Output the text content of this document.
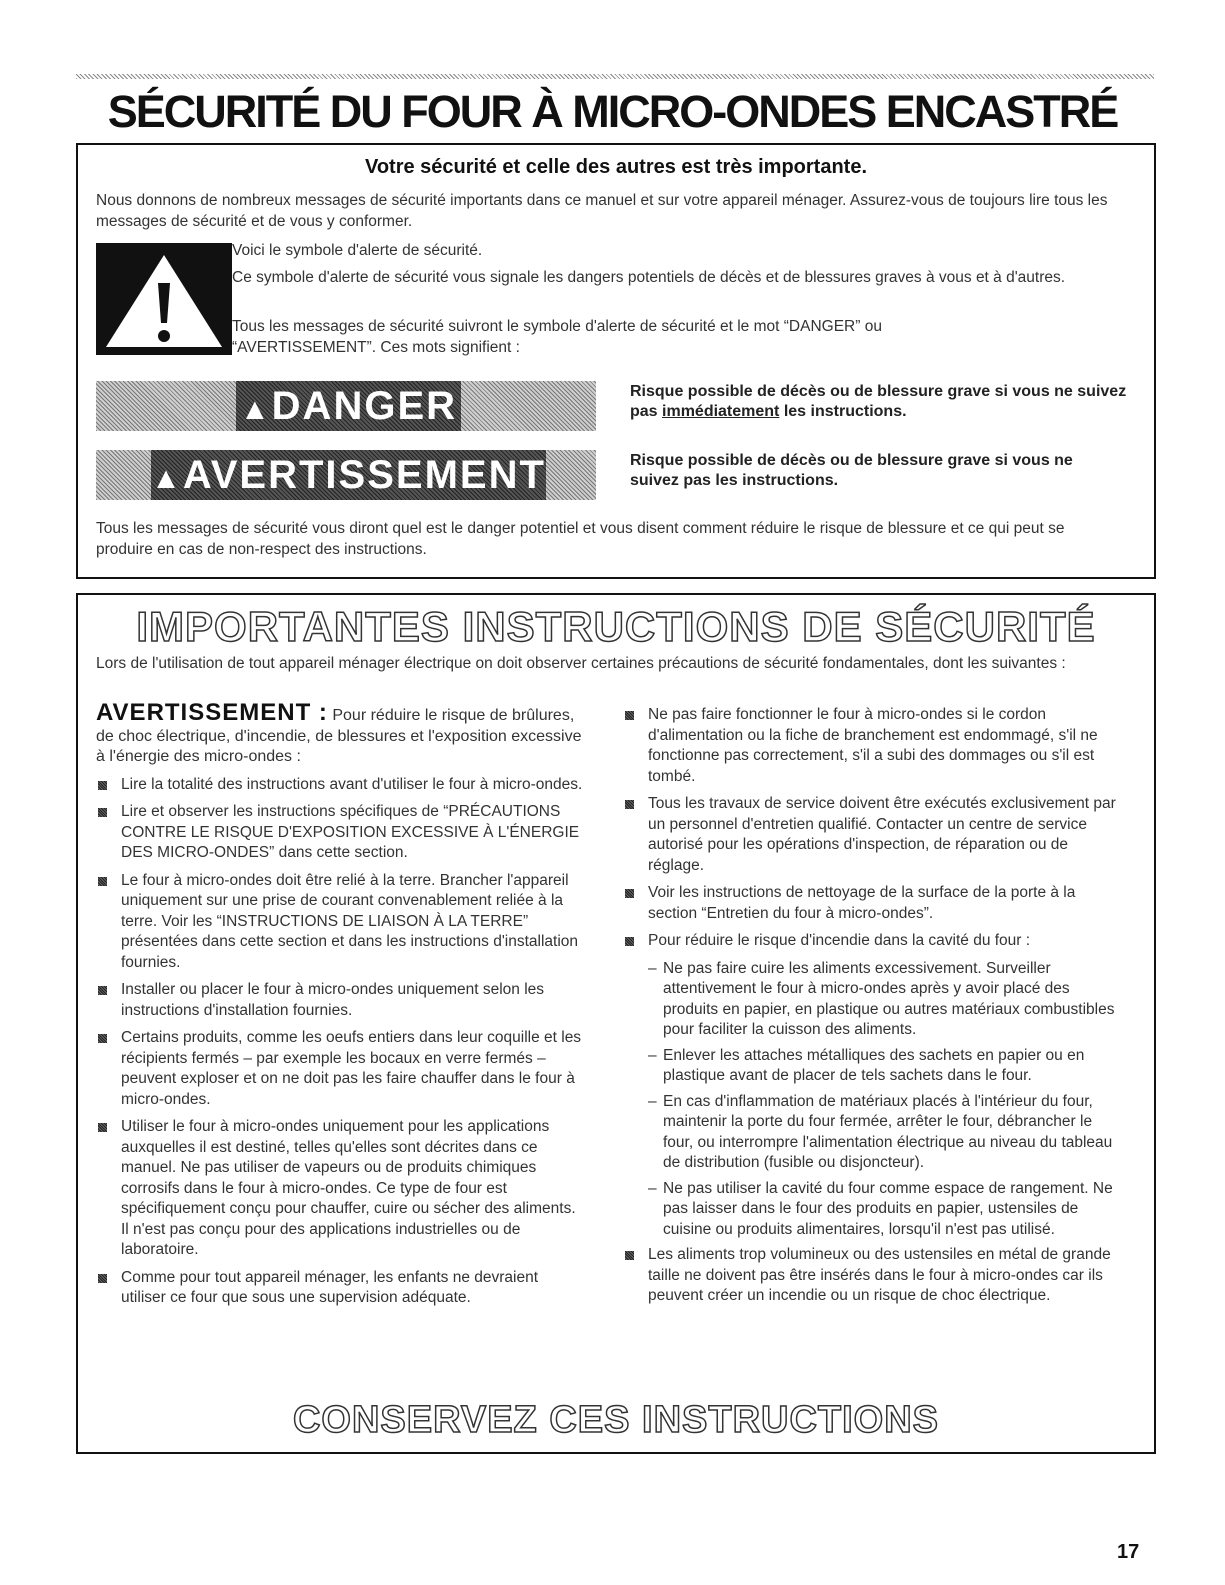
SÉCURITÉ DU FOUR À MICRO-ONDES ENCASTRÉ
Votre sécurité et celle des autres est très importante.
Nous donnons de nombreux messages de sécurité importants dans ce manuel et sur votre appareil ménager. Assurez-vous de toujours lire tous les messages de sécurité et de vous y conformer.
Voici le symbole d'alerte de sécurité.
Ce symbole d'alerte de sécurité vous signale les dangers potentiels de décès et de blessures graves à vous et à d'autres.
Tous les messages de sécurité suivront le symbole d'alerte de sécurité et le mot “DANGER” ou “AVERTISSEMENT”. Ces mots signifient :
▲DANGER	Risque possible de décès ou de blessure grave si vous ne suivez pas immédiatement les instructions.
▲AVERTISSEMENT	Risque possible de décès ou de blessure grave si vous ne suivez pas les instructions.
Tous les messages de sécurité vous diront quel est le danger potentiel et vous disent comment réduire le risque de blessure et ce qui peut se produire en cas de non-respect des instructions.
IMPORTANTES INSTRUCTIONS DE SÉCURITÉ
Lors de l'utilisation de tout appareil ménager électrique on doit observer certaines précautions de sécurité fondamentales, dont les suivantes :
AVERTISSEMENT : Pour réduire le risque de brûlures, de choc électrique, d'incendie, de blessures et l'exposition excessive à l'énergie des micro-ondes :
Lire la totalité des instructions avant d'utiliser le four à micro-ondes.
Lire et observer les instructions spécifiques de “PRÉCAUTIONS CONTRE LE RISQUE D'EXPOSITION EXCESSIVE À L'ÉNERGIE DES MICRO-ONDES” dans cette section.
Le four à micro-ondes doit être relié à la terre. Brancher l'appareil uniquement sur une prise de courant convenablement reliée à la terre. Voir les “INSTRUCTIONS DE LIAISON À LA TERRE” présentées dans cette section et dans les instructions d'installation fournies.
Installer ou placer le four à micro-ondes uniquement selon les instructions d'installation fournies.
Certains produits, comme les oeufs entiers dans leur coquille et les récipients fermés – par exemple les bocaux en verre fermés – peuvent exploser et on ne doit pas les faire chauffer dans le four à micro-ondes.
Utiliser le four à micro-ondes uniquement pour les applications auxquelles il est destiné, telles qu'elles sont décrites dans ce manuel. Ne pas utiliser de vapeurs ou de produits chimiques corrosifs dans le four à micro-ondes. Ce type de four est spécifiquement conçu pour chauffer, cuire ou sécher des aliments. Il n'est pas conçu pour des applications industrielles ou de laboratoire.
Comme pour tout appareil ménager, les enfants ne devraient utiliser ce four que sous une supervision adéquate.
Ne pas faire fonctionner le four à micro-ondes si le cordon d'alimentation ou la fiche de branchement est endommagé, s'il ne fonctionne pas correctement, s'il a subi des dommages ou s'il est tombé.
Tous les travaux de service doivent être exécutés exclusivement par un personnel d'entretien qualifié. Contacter un centre de service autorisé pour les opérations d'inspection, de réparation ou de réglage.
Voir les instructions de nettoyage de la surface de la porte à la section “Entretien du four à micro-ondes”.
Pour réduire le risque d'incendie dans la cavité du four :
– Ne pas faire cuire les aliments excessivement. Surveiller attentivement le four à micro-ondes après y avoir placé des produits en papier, en plastique ou autres matériaux combustibles pour faciliter la cuisson des aliments.
– Enlever les attaches métalliques des sachets en papier ou en plastique avant de placer de tels sachets dans le four.
– En cas d'inflammation de matériaux placés à l'intérieur du four, maintenir la porte du four fermée, arrêter le four, débrancher le four, ou interrompre l'alimentation électrique au niveau du tableau de distribution (fusible ou disjoncteur).
– Ne pas utiliser la cavité du four comme espace de rangement. Ne pas laisser dans le four des produits en papier, ustensiles de cuisine ou produits alimentaires, lorsqu'il n'est pas utilisé.
Les aliments trop volumineux ou des ustensiles en métal de grande taille ne doivent pas être insérés dans le four à micro-ondes car ils peuvent créer un incendie ou un risque de choc électrique.
CONSERVEZ CES INSTRUCTIONS
17
